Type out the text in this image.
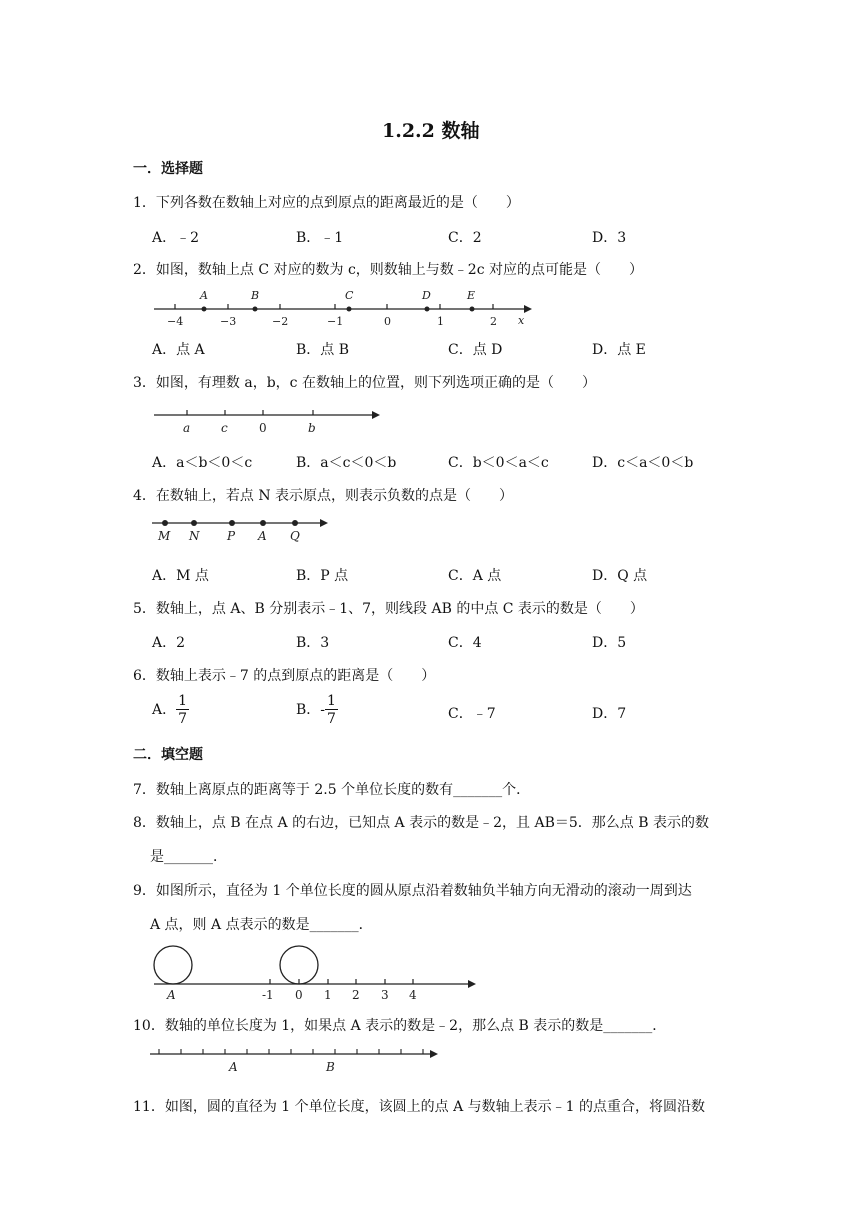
1.2.2 数轴
一．选择题
1．下列各数在数轴上对应的点到原点的距离最近的是（　　）
A．﹣2	B．﹣1	C．2	D．3
2．如图，数轴上点 C 对应的数为 c，则数轴上与数﹣2c 对应的点可能是（　　）
A	B	C	D	E
x
−4	−3	−2	−1	0	1	2
A．点 A	B．点 B	C．点 D	D．点 E
3．如图，有理数 a，b，c 在数轴上的位置，则下列选项正确的是（　　）
a	c	0	b
A．a＜b＜0＜c	B．a＜c＜0＜b	C．b＜0＜a＜c	D．c＜a＜0＜b
4．在数轴上，若点 N 表示原点，则表示负数的点是（　　）
M N P A Q
A．M 点	B．P 点	C．A 点	D．Q 点
5．数轴上，点 A、B 分别表示﹣1、7，则线段 AB 的中点 C 表示的数是（　　）
A．2	B．3	C．4	D．5
6．数轴上表示﹣7 的点到原点的距离是（　　）
A． $\frac{1}{7}$	B．- $\frac{1}{7}$	C．﹣7	D．7
二．填空题
7．数轴上离原点的距离等于 2.5 个单位长度的数有_______个．
8．数轴上，点 B 在点 A 的右边，已知点 A 表示的数是﹣2，且 AB＝5．那么点 B 表示的数
是_______．
9．如图所示，直径为 1 个单位长度的圆从原点沿着数轴负半轴方向无滑动的滚动一周到达
A 点，则 A 点表示的数是_______．
A	-1 0 1 2 3 4
10．数轴的单位长度为 1，如果点 A 表示的数是﹣2，那么点 B 表示的数是_______．
A	B
11．如图，圆的直径为 1 个单位长度，该圆上的点 A 与数轴上表示﹣1 的点重合，将圆沿数
